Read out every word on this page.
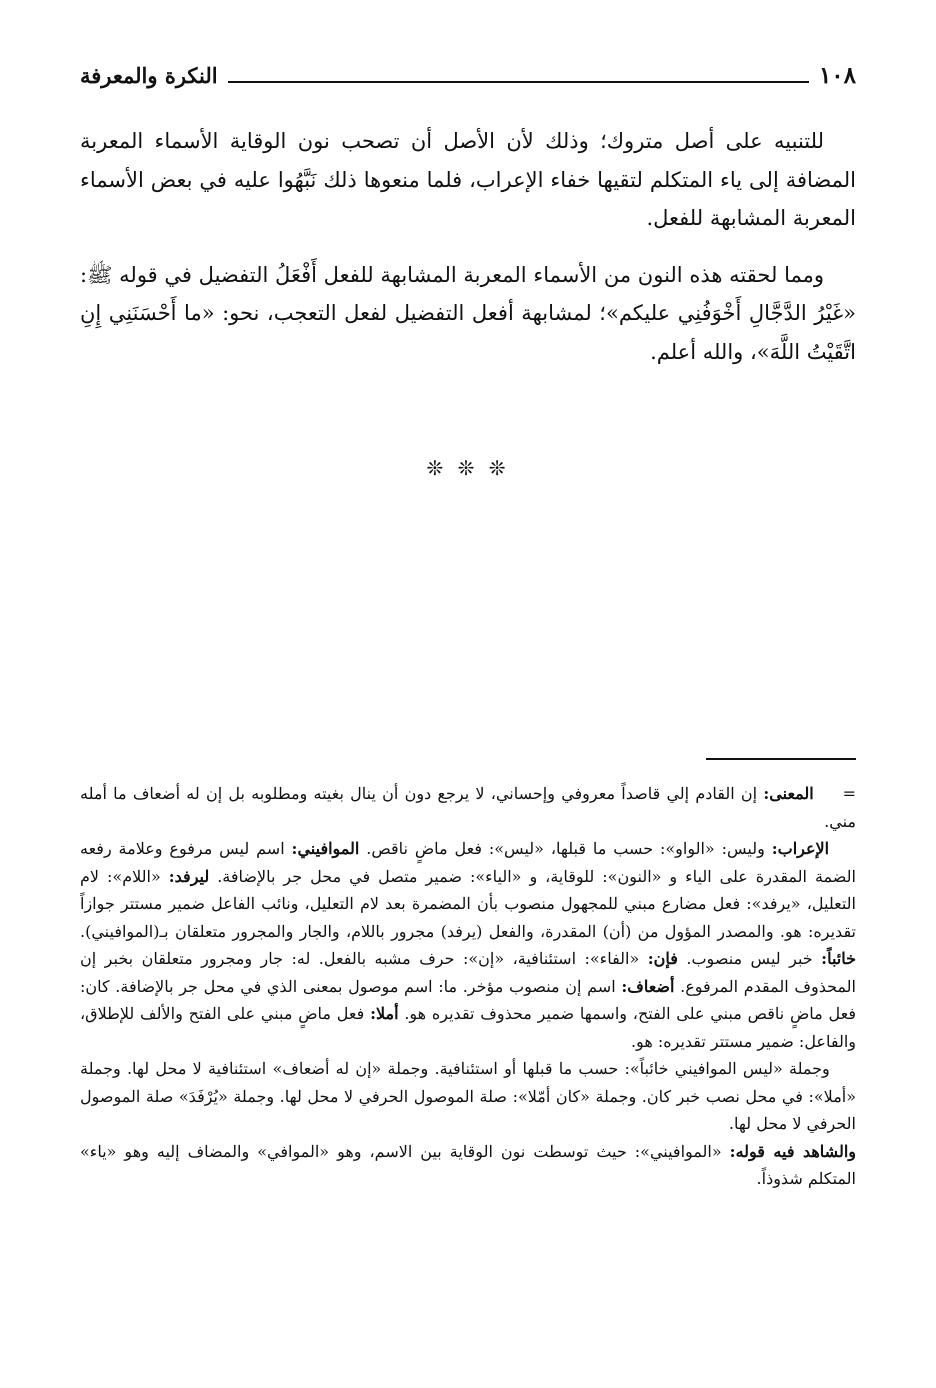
١٠٨
النكرة والمعرفة

للتنبيه على أصل متروك؛ وذلك لأن الأصل أن تصحب نون الوقاية الأسماء المعربة المضافة إلى ياء المتكلم لتقيها خفاء الإعراب، فلما منعوها ذلك نَبَّهُوا عليه في بعض الأسماء المعربة المشابهة للفعل.

ومما لحقته هذه النون من الأسماء المعربة المشابهة للفعل أَفْعَلُ التفضيل في قوله ﷺ: «غَيْرُ الدَّجَّالِ أَخْوَفُنِي عليكم»؛ لمشابهة أفعل التفضيل لفعل التعجب، نحو: «ما أَحْسَنَنِي إِنِ اتَّقَيْتُ اللَّهَ»، والله أعلم.

❊ ❊ ❊

= المعنى: إن القادم إلي قاصداً معروفي وإحساني، لا يرجع دون أن ينال بغيته ومطلوبه بل إن له أضعاف ما أمله مني.

الإعراب: وليس: «الواو»: حسب ما قبلها، «ليس»: فعل ماضٍ ناقص. الموافيني: اسم ليس مرفوع وعلامة رفعه الضمة المقدرة على الياء و «النون»: للوقاية، و «الياء»: ضمير متصل في محل جر بالإضافة. ليرفد: «اللام»: لام التعليل، «يرفد»: فعل مضارع مبني للمجهول منصوب بأن المضمرة بعد لام التعليل، ونائب الفاعل ضمير مستتر جوازاً تقديره: هو. والمصدر المؤول من (أن) المقدرة، والفعل (يرفد) مجرور باللام، والجار والمجرور متعلقان بـ(الموافيني). خائباً: خبر ليس منصوب. فإن: «الفاء»: استئنافية، «إن»: حرف مشبه بالفعل. له: جار ومجرور متعلقان بخبر إن المحذوف المقدم المرفوع. أضعاف: اسم إن منصوب مؤخر. ما: اسم موصول بمعنى الذي في محل جر بالإضافة. كان: فعل ماضٍ ناقص مبني على الفتح، واسمها ضمير محذوف تقديره هو. أملا: فعل ماضٍ مبني على الفتح والألف للإطلاق، والفاعل: ضمير مستتر تقديره: هو.

وجملة «ليس الموافيني خائباً»: حسب ما قبلها أو استئنافية. وجملة «إن له أضعاف» استئنافية لا محل لها. وجملة «أملا»: في محل نصب خبر كان. وجملة «كان أمّلا»: صلة الموصول الحرفي لا محل لها. وجملة «يُرْفَدَ» صلة الموصول الحرفي لا محل لها.

والشاهد فيه قوله: «الموافيني»: حيث توسطت نون الوقاية بين الاسم، وهو «الموافي» والمضاف إليه وهو «ياء» المتكلم شذوذاً.
